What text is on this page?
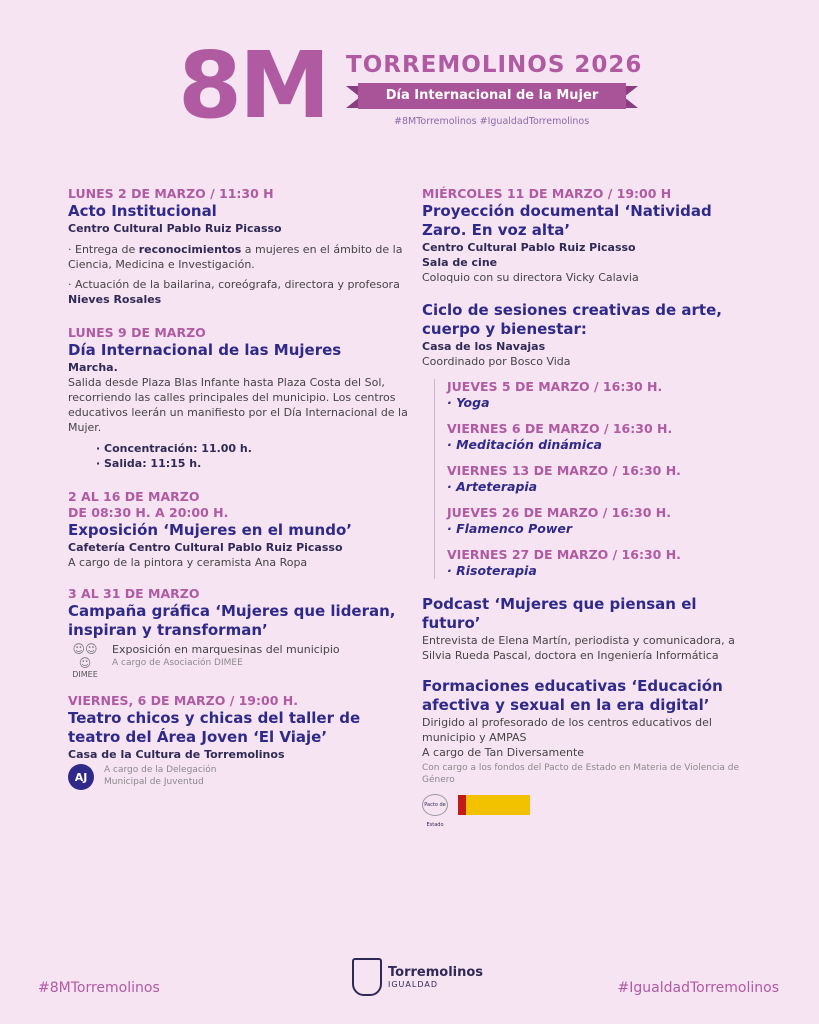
8M TORREMOLINOS 2026
Día Internacional de la Mujer
#8MTorremolinos #IgualdadTorremolinos
LUNES 2 DE MARZO / 11:30 H
Acto Institucional
Centro Cultural Pablo Ruiz Picasso
· Entrega de reconocimientos a mujeres en el ámbito de la Ciencia, Medicina e Investigación.
· Actuación de la bailarina, coreógrafa, directora y profesora Nieves Rosales
LUNES 9 DE MARZO
Día Internacional de las Mujeres
Marcha.
Salida desde Plaza Blas Infante hasta Plaza Costa del Sol, recorriendo las calles principales del municipio. Los centros educativos leerán un manifiesto por el Día Internacional de la Mujer.
· Concentración: 11.00 h.
· Salida: 11:15 h.
2 AL 16 DE MARZO
DE 08:30 H. A 20:00 H.
Exposición ‘Mujeres en el mundo’
Cafetería Centro Cultural Pablo Ruiz Picasso
A cargo de la pintora y ceramista Ana Ropa
3 AL 31 DE MARZO
Campaña gráfica ‘Mujeres que lideran, inspiran y transforman’
☺☺☺
DIMEE
Exposición en marquesinas del municipio
A cargo de Asociación DIMEE
VIERNES, 6 DE MARZO / 19:00 H.
Teatro chicos y chicas del taller de teatro del Área Joven ‘El Viaje’
Casa de la Cultura de Torremolinos
AJ
A cargo de la Delegación Municipal de Juventud
MIÉRCOLES 11 DE MARZO / 19:00 H
Proyección documental ‘Natividad Zaro. En voz alta’
Centro Cultural Pablo Ruiz Picasso
Sala de cine
Coloquio con su directora Vicky Calavia
Ciclo de sesiones creativas de arte, cuerpo y bienestar:
Casa de los Navajas
Coordinado por Bosco Vida
JUEVES 5 DE MARZO / 16:30 H.
· Yoga
VIERNES 6 DE MARZO / 16:30 H.
· Meditación dinámica
VIERNES 13 DE MARZO / 16:30 H.
· Arteterapia
JUEVES 26 DE MARZO / 16:30 H.
· Flamenco Power
VIERNES 27 DE MARZO / 16:30 H.
· Risoterapia
Podcast ‘Mujeres que piensan el futuro’
Entrevista de Elena Martín, periodista y comunicadora, a Silvia Rueda Pascal, doctora en Ingeniería Informática
Formaciones educativas ‘Educación afectiva y sexual en la era digital’
Dirigido al profesorado de los centros educativos del municipio y AMPAS
A cargo de Tan Diversamente
Con cargo a los fondos del Pacto de Estado en Materia de Violencia de Género
Pacto de Estado
#8MTorremolinos
Torremolinos
IGUALDAD	#IgualdadTorremolinos
